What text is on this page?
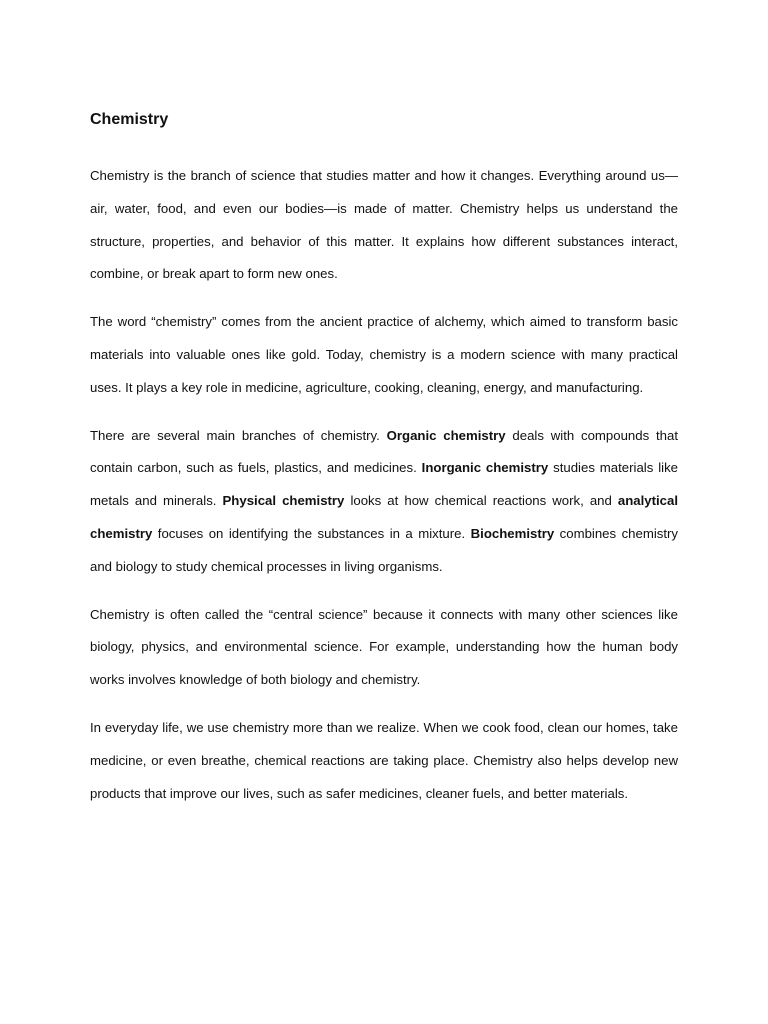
Chemistry

Chemistry is the branch of science that studies matter and how it changes. Everything around us—air, water, food, and even our bodies—is made of matter. Chemistry helps us understand the structure, properties, and behavior of this matter. It explains how different substances interact, combine, or break apart to form new ones.

The word “chemistry” comes from the ancient practice of alchemy, which aimed to transform basic materials into valuable ones like gold. Today, chemistry is a modern science with many practical uses. It plays a key role in medicine, agriculture, cooking, cleaning, energy, and manufacturing.

There are several main branches of chemistry. Organic chemistry deals with compounds that contain carbon, such as fuels, plastics, and medicines. Inorganic chemistry studies materials like metals and minerals. Physical chemistry looks at how chemical reactions work, and analytical chemistry focuses on identifying the substances in a mixture. Biochemistry combines chemistry and biology to study chemical processes in living organisms.

Chemistry is often called the “central science” because it connects with many other sciences like biology, physics, and environmental science. For example, understanding how the human body works involves knowledge of both biology and chemistry.

In everyday life, we use chemistry more than we realize. When we cook food, clean our homes, take medicine, or even breathe, chemical reactions are taking place. Chemistry also helps develop new products that improve our lives, such as safer medicines, cleaner fuels, and better materials.
